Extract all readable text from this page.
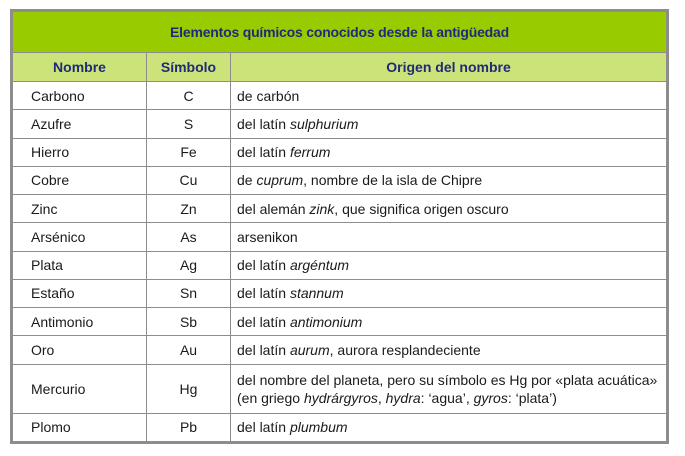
Elementos químicos conocidos desde la antigüedad		
Nombre	Símbolo	Origen del nombre
Carbono	C	de carbón
Azufre	S	del latín sulphurium
Hierro	Fe	del latín ferrum
Cobre	Cu	de cuprum, nombre de la isla de Chipre
Zinc	Zn	del alemán zink, que significa origen oscuro
Arsénico	As	arsenikon
Plata	Ag	del latín argéntum
Estaño	Sn	del latín stannum
Antimonio	Sb	del latín antimonium
Oro	Au	del latín aurum, aurora resplandeciente
Mercurio	Hg	del nombre del planeta, pero su símbolo es Hg por «plata acuática» (en griego hydrárgyros, hydra: ‘agua’, gyros: ‘plata’)
Plomo	Pb	del latín plumbum
